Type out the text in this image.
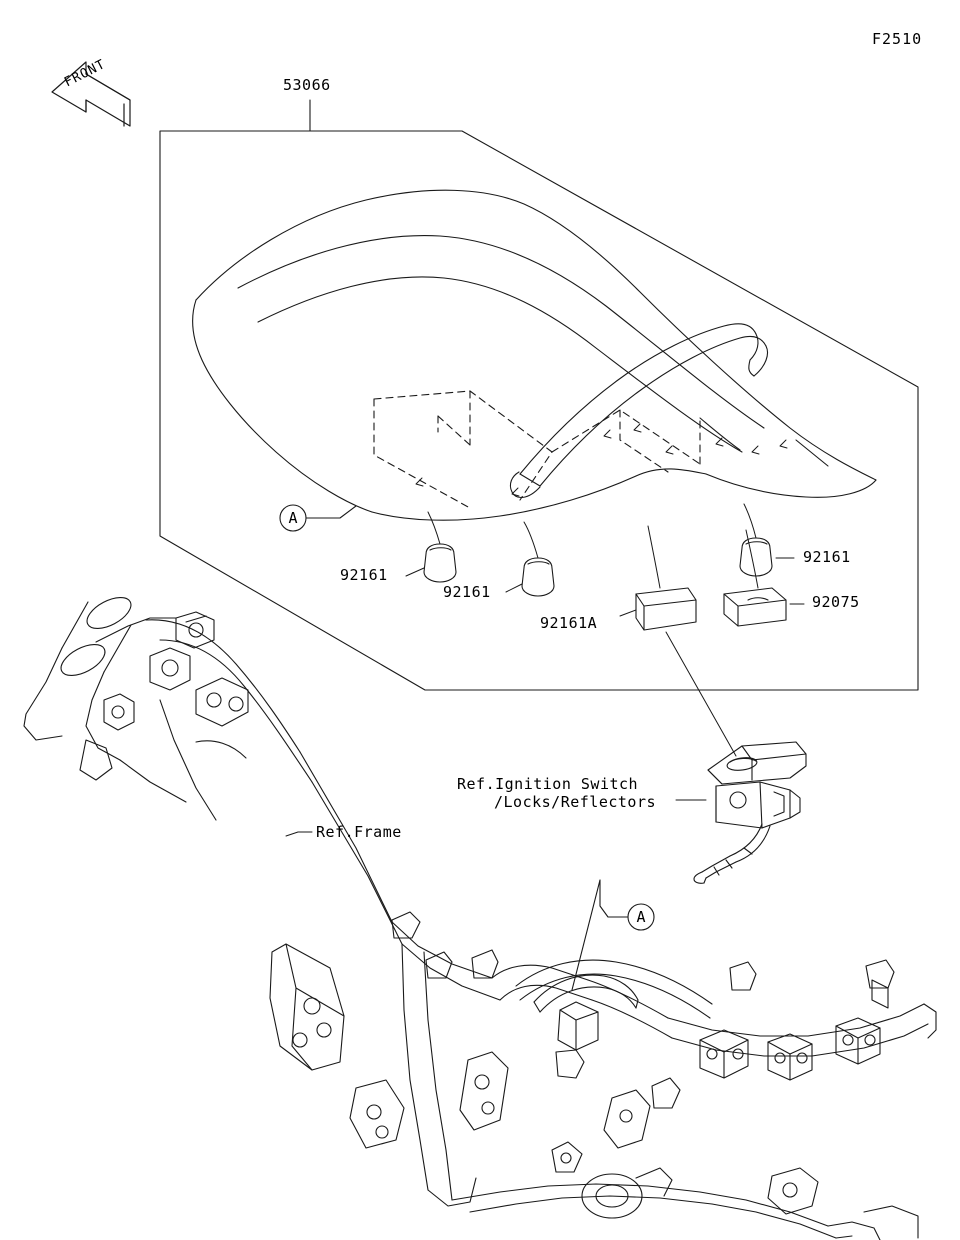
F2510
FRONT	53066
92161
92161
92161
92161A
92075
Ref.Frame
Ref.Ignition Switch
/Locks/Reflectors
A
A
